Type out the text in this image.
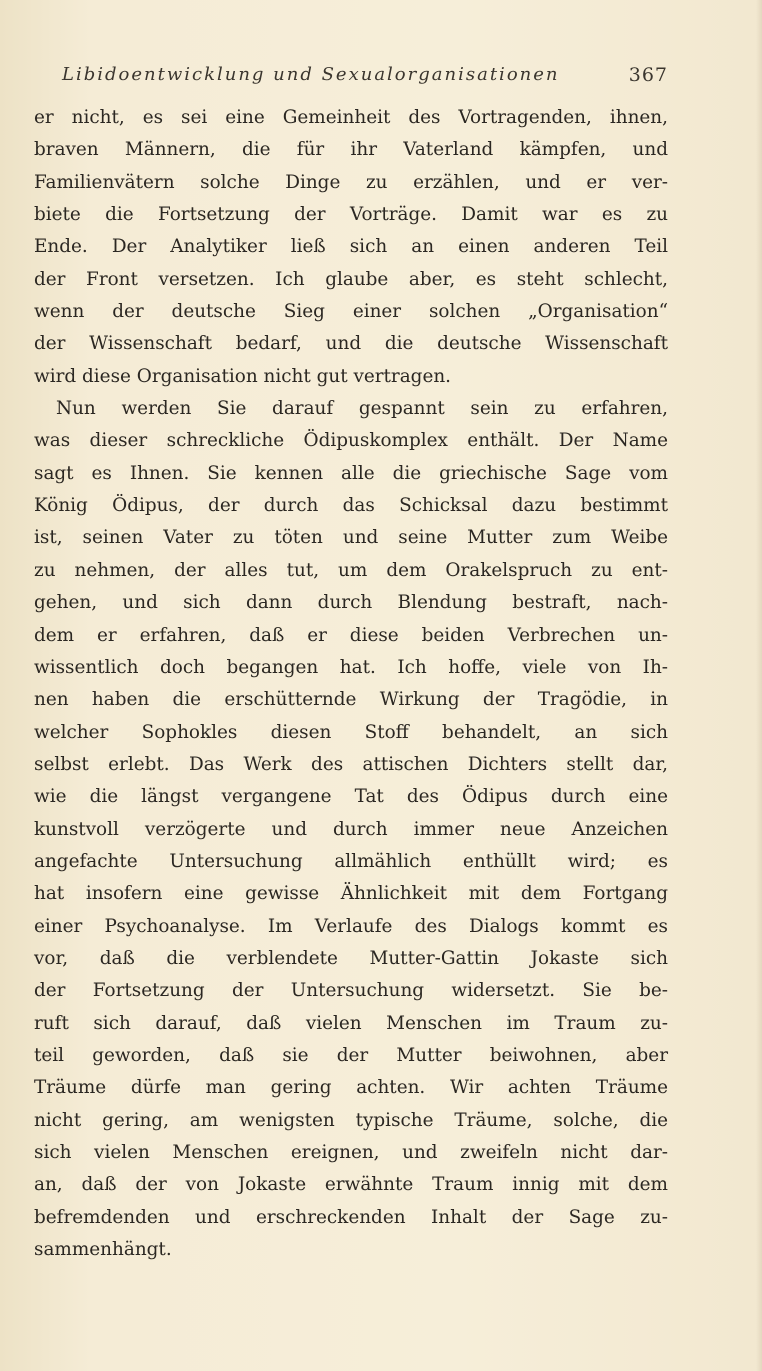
Libidoentwicklung und Sexualorganisationen	367
er nicht, es sei eine Gemeinheit des Vortragenden, ihnen,
braven Männern, die für ihr Vaterland kämpfen, und
Familienvätern solche Dinge zu erzählen, und er ver-
biete die Fortsetzung der Vorträge. Damit war es zu
Ende. Der Analytiker ließ sich an einen anderen Teil
der Front versetzen. Ich glaube aber, es steht schlecht,
wenn der deutsche Sieg einer solchen „Organisation“
der Wissenschaft bedarf, und die deutsche Wissenschaft
wird diese Organisation nicht gut vertragen.
Nun werden Sie darauf gespannt sein zu erfahren,
was dieser schreckliche Ödipuskomplex enthält. Der Name
sagt es Ihnen. Sie kennen alle die griechische Sage vom
König Ödipus, der durch das Schicksal dazu bestimmt
ist, seinen Vater zu töten und seine Mutter zum Weibe
zu nehmen, der alles tut, um dem Orakelspruch zu ent-
gehen, und sich dann durch Blendung bestraft, nach-
dem er erfahren, daß er diese beiden Verbrechen un-
wissentlich doch begangen hat. Ich hoffe, viele von Ih-
nen haben die erschütternde Wirkung der Tragödie, in
welcher Sophokles diesen Stoff behandelt, an sich
selbst erlebt. Das Werk des attischen Dichters stellt dar,
wie die längst vergangene Tat des Ödipus durch eine
kunstvoll verzögerte und durch immer neue Anzeichen
angefachte Untersuchung allmählich enthüllt wird; es
hat insofern eine gewisse Ähnlichkeit mit dem Fortgang
einer Psychoanalyse. Im Verlaufe des Dialogs kommt es
vor, daß die verblendete Mutter-Gattin Jokaste sich
der Fortsetzung der Untersuchung widersetzt. Sie be-
ruft sich darauf, daß vielen Menschen im Traum zu-
teil geworden, daß sie der Mutter beiwohnen, aber
Träume dürfe man gering achten. Wir achten Träume
nicht gering, am wenigsten typische Träume, solche, die
sich vielen Menschen ereignen, und zweifeln nicht dar-
an, daß der von Jokaste erwähnte Traum innig mit dem
befremdenden und erschreckenden Inhalt der Sage zu-
sammenhängt.
